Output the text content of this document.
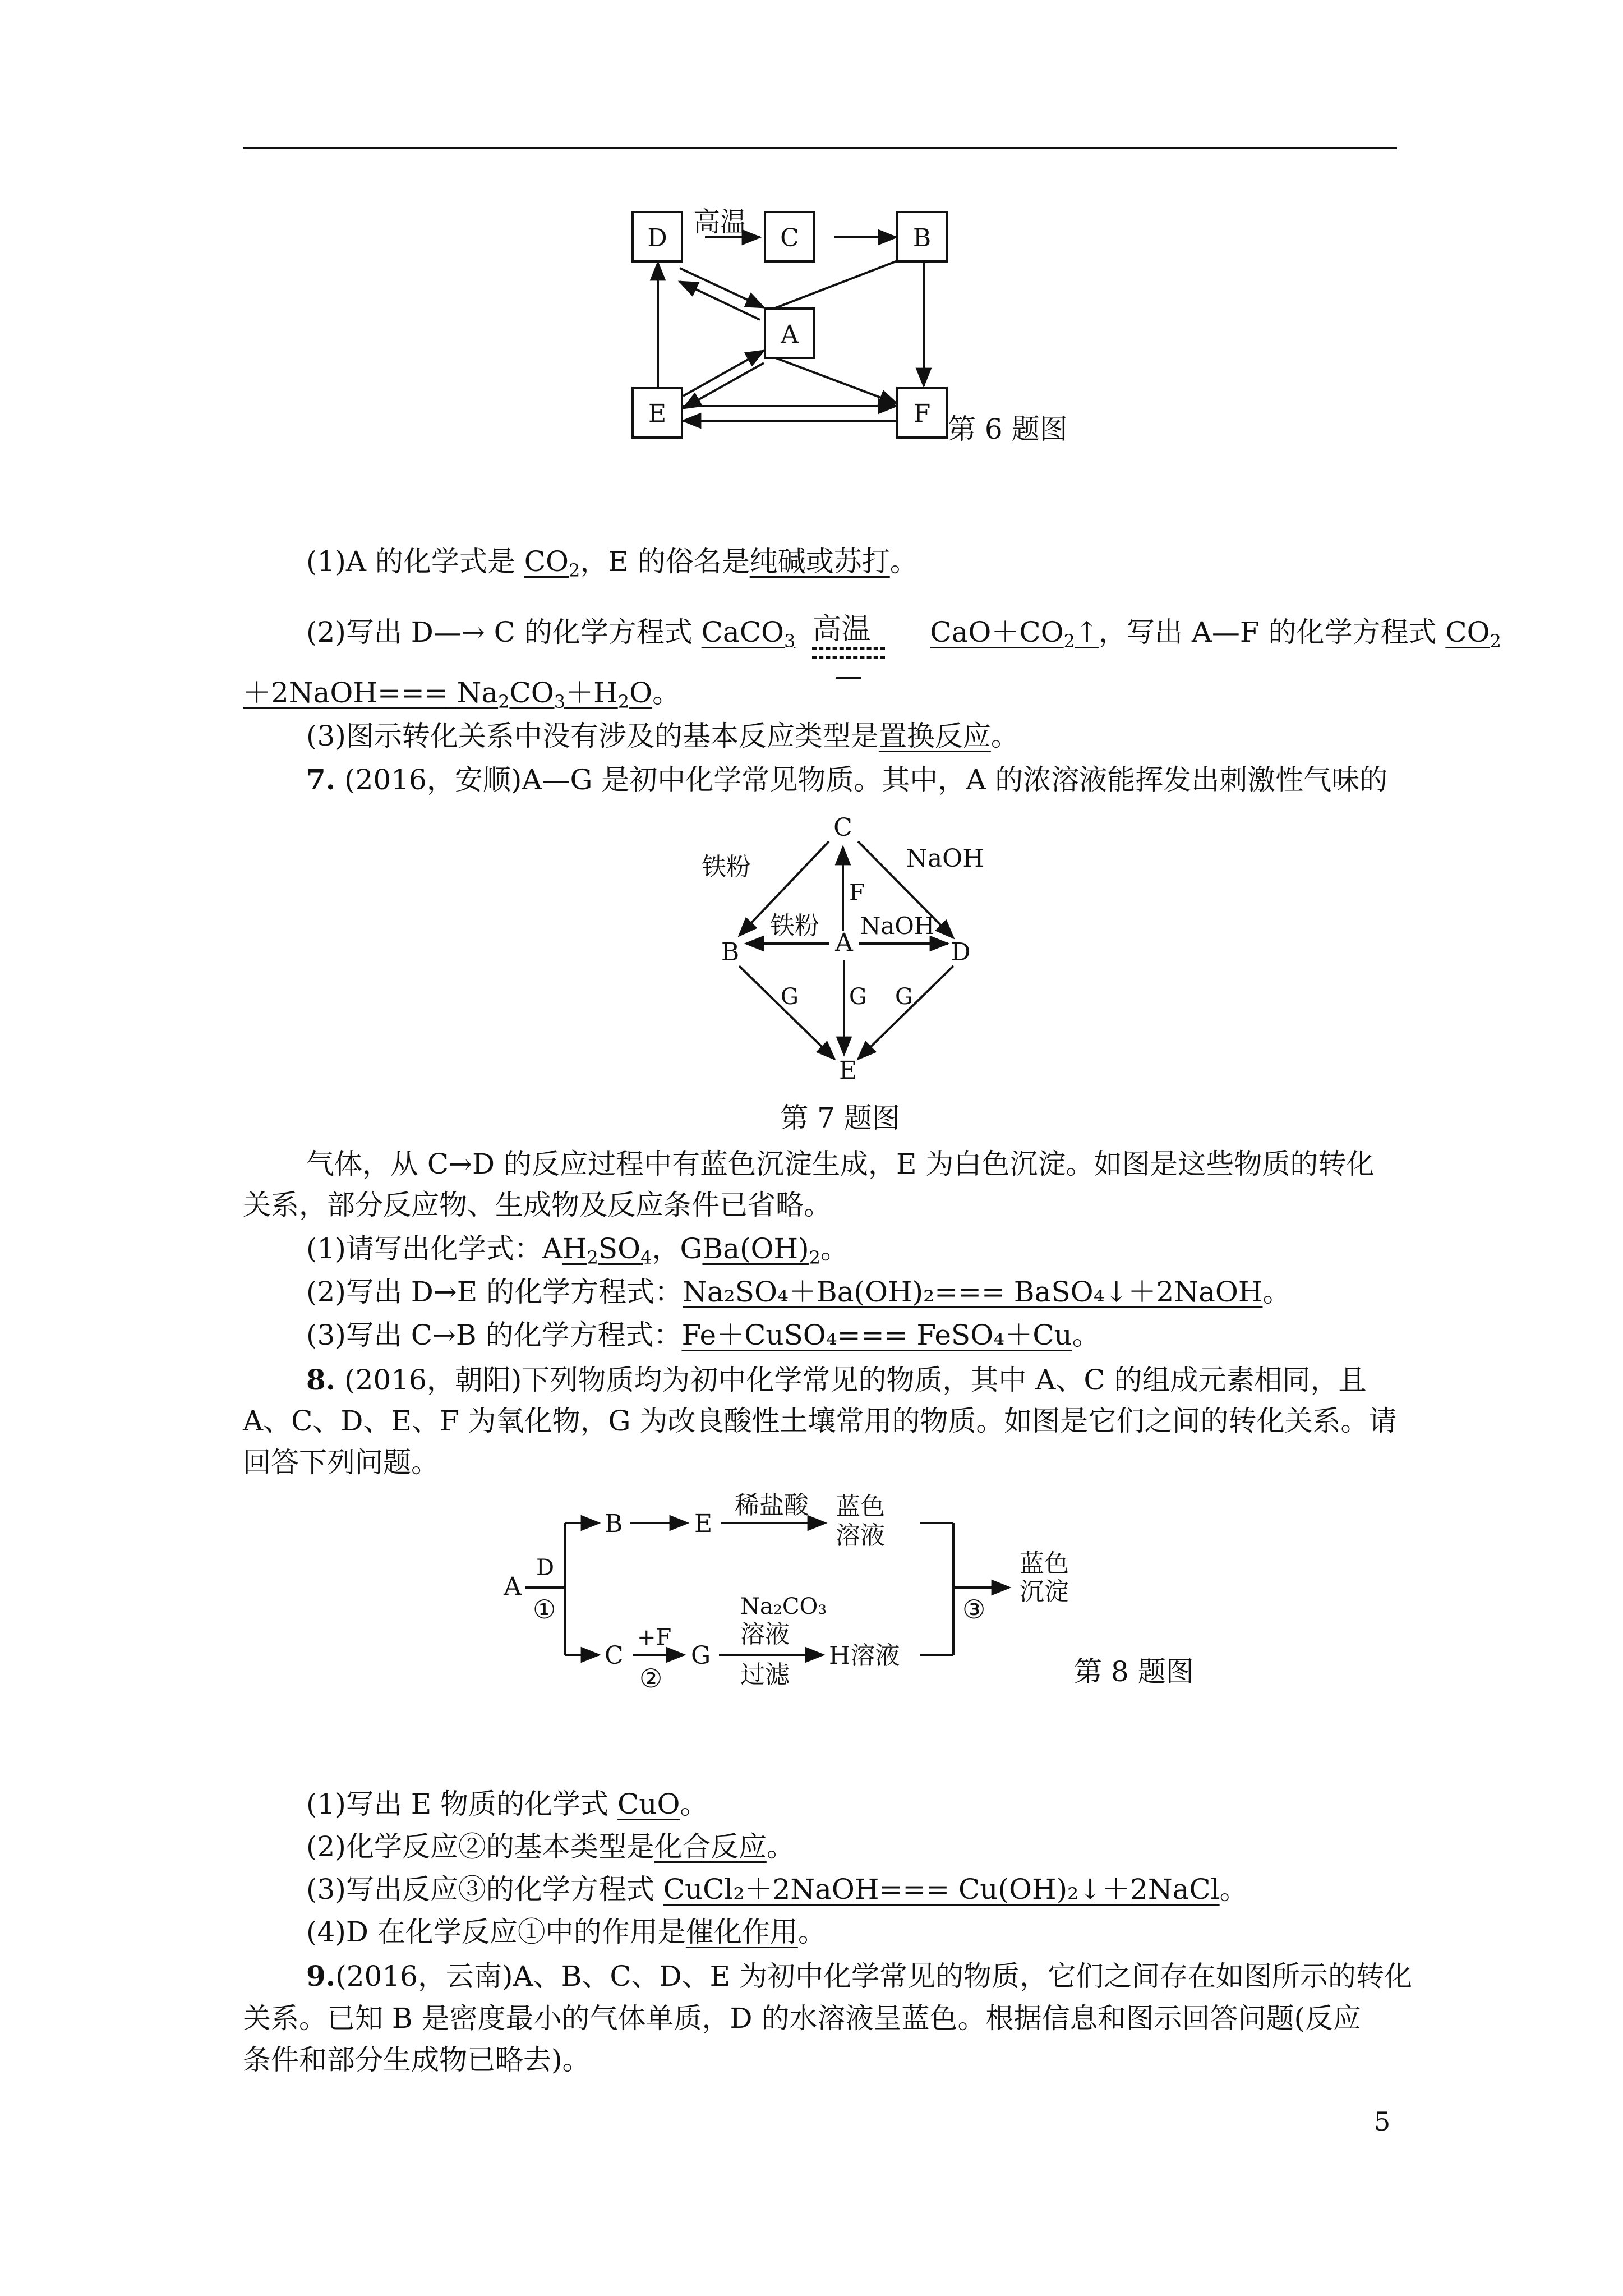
D	C	B
A
E	F
高温
第 6 题图
(1)A 的化学式是 $CO_2$，E 的俗名是纯碱或苏打。
(2)写出 D—→ C 的化学方程式 CaCO$_3$ 高温 $CaO+CO_2↑$，写出 A—F 的化学方程式 $CO_2$
＋2NaOH=== $Na_2CO_3+H_2O$。
(3)图示转化关系中没有涉及的基本反应类型是置换反应。
7. (2016，安顺)A—G 是初中化学常见物质。其中，A 的浓溶液能挥发出刺激性气味的
C
A
B	D
E
铁粉	NaOH
F
铁粉 NaOH
G G G
第 7 题图
气体，从 C→D 的反应过程中有蓝色沉淀生成，E 为白色沉淀。如图是这些物质的转化
关系，部分反应物、生成物及反应条件已省略。
(1)请写出化学式：$AH_2SO_4$，$GBa(OH)_2$。
(2)写出 D→E 的化学方程式：Na₂SO₄＋Ba(OH)₂=== BaSO₄↓＋2NaOH。
(3)写出 C→B 的化学方程式：Fe＋CuSO₄=== FeSO₄＋Cu。
8. (2016，朝阳)下列物质均为初中化学常见的物质，其中 A、C 的组成元素相同，且
A、C、D、E、F 为氧化物，G 为改良酸性土壤常用的物质。如图是它们之间的转化关系。请
回答下列问题。
A
D
①
B	E
稀盐酸 蓝色
溶液
C
+F
②
G
Na₂CO₃
溶液
过滤
H溶液
③
蓝色
沉淀
第 8 题图
(1)写出 E 物质的化学式 CuO。
(2)化学反应②的基本类型是化合反应。
(3)写出反应③的化学方程式 CuCl₂＋2NaOH=== Cu(OH)₂↓＋2NaCl。
(4)D 在化学反应①中的作用是催化作用。
9.(2016，云南)A、B、C、D、E 为初中化学常见的物质，它们之间存在如图所示的转化
关系。已知 B 是密度最小的气体单质，D 的水溶液呈蓝色。根据信息和图示回答问题(反应
条件和部分生成物已略去)。
5
